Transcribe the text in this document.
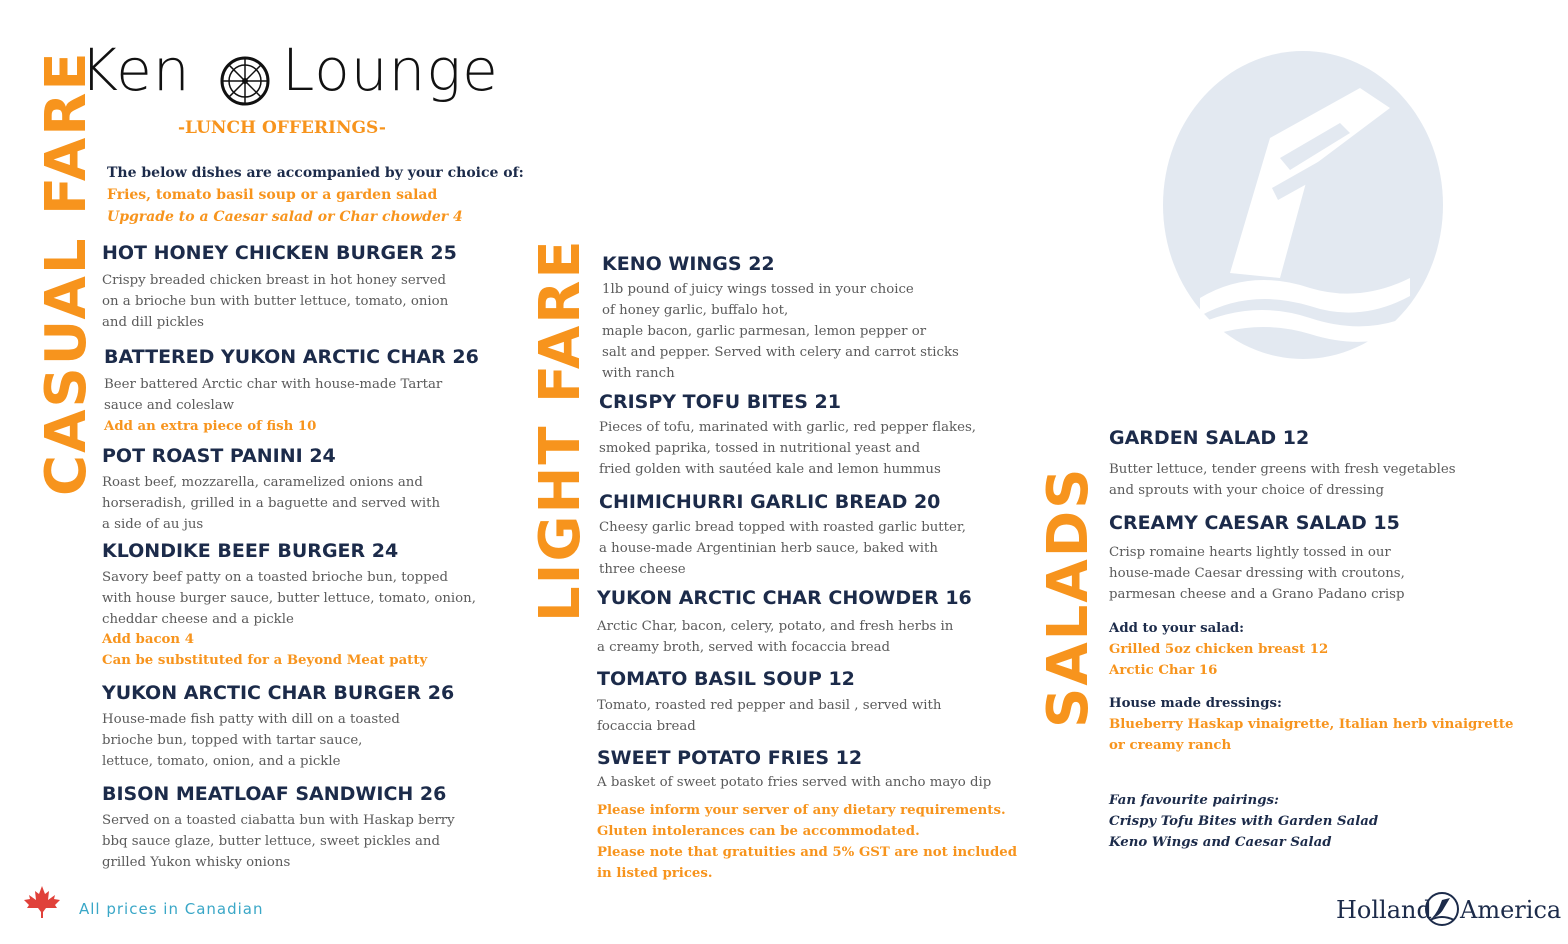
Ken Lounge
-LUNCH OFFERINGS-
CASUAL FARE	LIGHT FARE	SALADS
The below dishes are accompanied by your choice of:
Fries, tomato basil soup or a garden salad
Upgrade to a Caesar salad or Char chowder 4
HOT HONEY CHICKEN BURGER 25
Crispy breaded chicken breast in hot honey served
on a brioche bun with butter lettuce, tomato, onion
and dill pickles
BATTERED YUKON ARCTIC CHAR 26
Beer battered Arctic char with house-made Tartar
sauce and coleslaw
Add an extra piece of fish 10
POT ROAST PANINI 24
Roast beef, mozzarella, caramelized onions and
horseradish, grilled in a baguette and served with
a side of au jus
KLONDIKE BEEF BURGER 24
Savory beef patty on a toasted brioche bun, topped
with house burger sauce, butter lettuce, tomato, onion,
cheddar cheese and a pickle
Add bacon 4
Can be substituted for a Beyond Meat patty
YUKON ARCTIC CHAR BURGER 26
House-made fish patty with dill on a toasted
brioche bun, topped with tartar sauce,
lettuce, tomato, onion, and a pickle
BISON MEATLOAF SANDWICH 26
Served on a toasted ciabatta bun with Haskap berry
bbq sauce glaze, butter lettuce, sweet pickles and
grilled Yukon whisky onions
KENO WINGS 22
1lb pound of juicy wings tossed in your choice
of honey garlic, buffalo hot,
maple bacon, garlic parmesan, lemon pepper or
salt and pepper. Served with celery and carrot sticks
with ranch
CRISPY TOFU BITES 21
Pieces of tofu, marinated with garlic, red pepper flakes,
smoked paprika, tossed in nutritional yeast and
fried golden with sautéed kale and lemon hummus
CHIMICHURRI GARLIC BREAD 20
Cheesy garlic bread topped with roasted garlic butter,
a house-made Argentinian herb sauce, baked with
three cheese
YUKON ARCTIC CHAR CHOWDER 16
Arctic Char, bacon, celery, potato, and fresh herbs in
a creamy broth, served with focaccia bread
TOMATO BASIL SOUP 12
Tomato, roasted red pepper and basil , served with
focaccia bread
SWEET POTATO FRIES 12
A basket of sweet potato fries served with ancho mayo dip
Please inform your server of any dietary requirements.
Gluten intolerances can be accommodated.
Please note that gratuities and 5% GST are not included
in listed prices.
GARDEN SALAD 12
Butter lettuce, tender greens with fresh vegetables
and sprouts with your choice of dressing
CREAMY CAESAR SALAD 15
Crisp romaine hearts lightly tossed in our
house-made Caesar dressing with croutons,
parmesan cheese and a Grano Padano crisp
Add to your salad:
Grilled 5oz chicken breast 12
Arctic Char 16
House made dressings:
Blueberry Haskap vinaigrette, Italian herb vinaigrette
or creamy ranch
Fan favourite pairings:
Crispy Tofu Bites with Garden Salad
Keno Wings and Caesar Salad
All prices in Canadian	Holland America
